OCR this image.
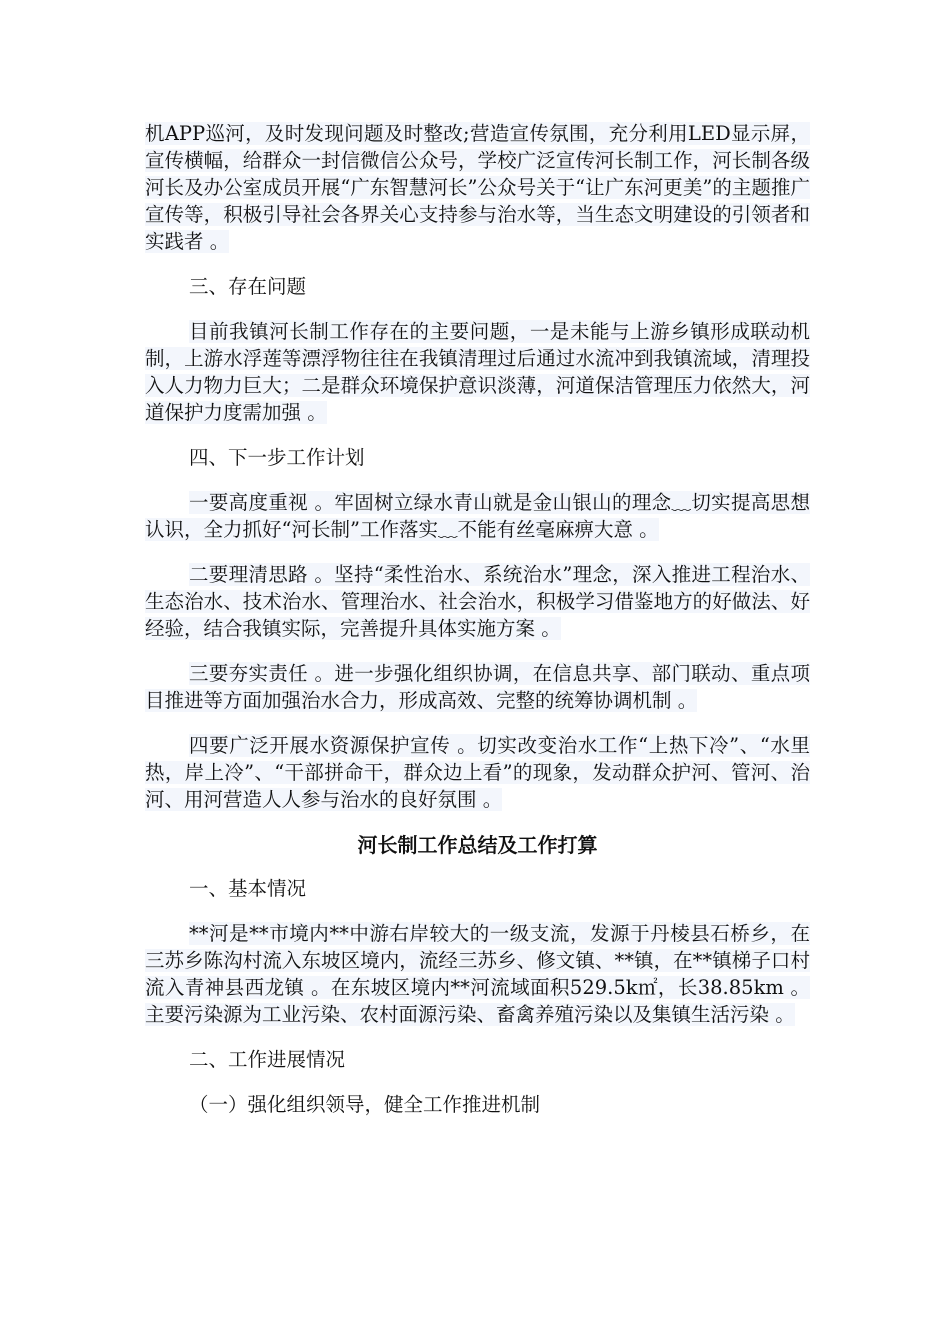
机APP巡河，及时发现问题及时整改;营造宣传氛围，充分利用LED显示屏，宣传横幅，给群众一封信微信公众号，学校广泛宣传河长制工作，河长制各级河长及办公室成员开展“广东智慧河长”公众号关于“让广东河更美”的主题推广宣传等，积极引导社会各界关心支持参与治水等，当生态文明建设的引领者和实践者 。

三、存在问题

目前我镇河长制工作存在的主要问题，一是未能与上游乡镇形成联动机制，上游水浮莲等漂浮物往往在我镇清理过后通过水流冲到我镇流域，清理投入人力物力巨大；二是群众环境保护意识淡薄，河道保洁管理压力依然大，河道保护力度需加强 。

四、下一步工作计划

一要高度重视 。牢固树立绿水青山就是金山银山的理念﹏切实提高思想认识，全力抓好“河长制”工作落实﹏不能有丝毫麻痹大意 。

二要理清思路 。坚持“柔性治水、系统治水”理念，深入推进工程治水、生态治水、技术治水、管理治水、社会治水，积极学习借鉴地方的好做法、好经验，结合我镇实际，完善提升具体实施方案 。

三要夯实责任 。进一步强化组织协调，在信息共享、部门联动、重点项目推进等方面加强治水合力，形成高效、完整的统筹协调机制 。

四要广泛开展水资源保护宣传 。切实改变治水工作“上热下冷”、“水里热，岸上冷”、“干部拼命干，群众边上看”的现象，发动群众护河、管河、治河、用河营造人人参与治水的良好氛围 。

河长制工作总结及工作打算

一、基本情况

**河是**市境内**中游右岸较大的一级支流，发源于丹棱县石桥乡，在三苏乡陈沟村流入东坡区境内，流经三苏乡、修文镇、**镇，在**镇梯子口村流入青神县西龙镇 。在东坡区境内**河流域面积529.5k㎡，长38.85km 。主要污染源为工业污染、农村面源污染、畜禽养殖污染以及集镇生活污染 。

二、工作进展情况

（一）强化组织领导，健全工作推进机制
